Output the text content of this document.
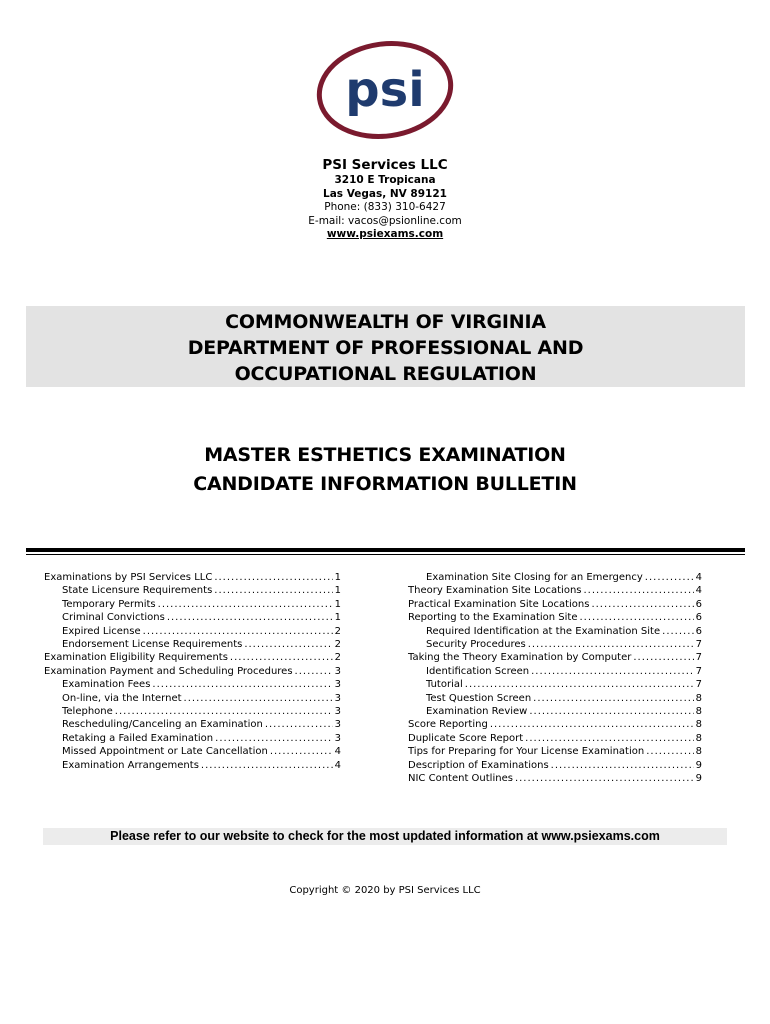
psi
PSI Services LLC
3210 E Tropicana
Las Vegas, NV 89121
Phone: (833) 310-6427
E-mail: vacos@psionline.com
www.psiexams.com
COMMONWEALTH OF VIRGINIA
DEPARTMENT OF PROFESSIONAL AND
OCCUPATIONAL REGULATION
MASTER ESTHETICS EXAMINATION
CANDIDATE INFORMATION BULLETIN
Examinations by PSI Services LLC .....	1
State Licensure Requirements .....	1
Temporary Permits .....	1
Criminal Convictions .....	1
Expired License .....	2
Endorsement License Requirements .....	2
Examination Eligibility Requirements .....	2
Examination Payment and Scheduling Procedures .....	3
Examination Fees .....	3
On-line, via the Internet .....	3
Telephone .....	3
Rescheduling/Canceling an Examination .....	3
Retaking a Failed Examination .....	3
Missed Appointment or Late Cancellation .....	4
Examination Arrangements .....	4
Examination Site Closing for an Emergency .....	4
Theory Examination Site Locations .....	4
Practical Examination Site Locations .....	6
Reporting to the Examination Site .....	6
Required Identification at the Examination Site .....	6
Security Procedures .....	7
Taking the Theory Examination by Computer .....	7
Identification Screen .....	7
Tutorial .....	7
Test Question Screen .....	8
Examination Review .....	8
Score Reporting .....	8
Duplicate Score Report .....	8
Tips for Preparing for Your License Examination .....	8
Description of Examinations .....	9
NIC Content Outlines .....	9
Please refer to our website to check for the most updated information at www.psiexams.com
Copyright © 2020 by PSI Services LLC
